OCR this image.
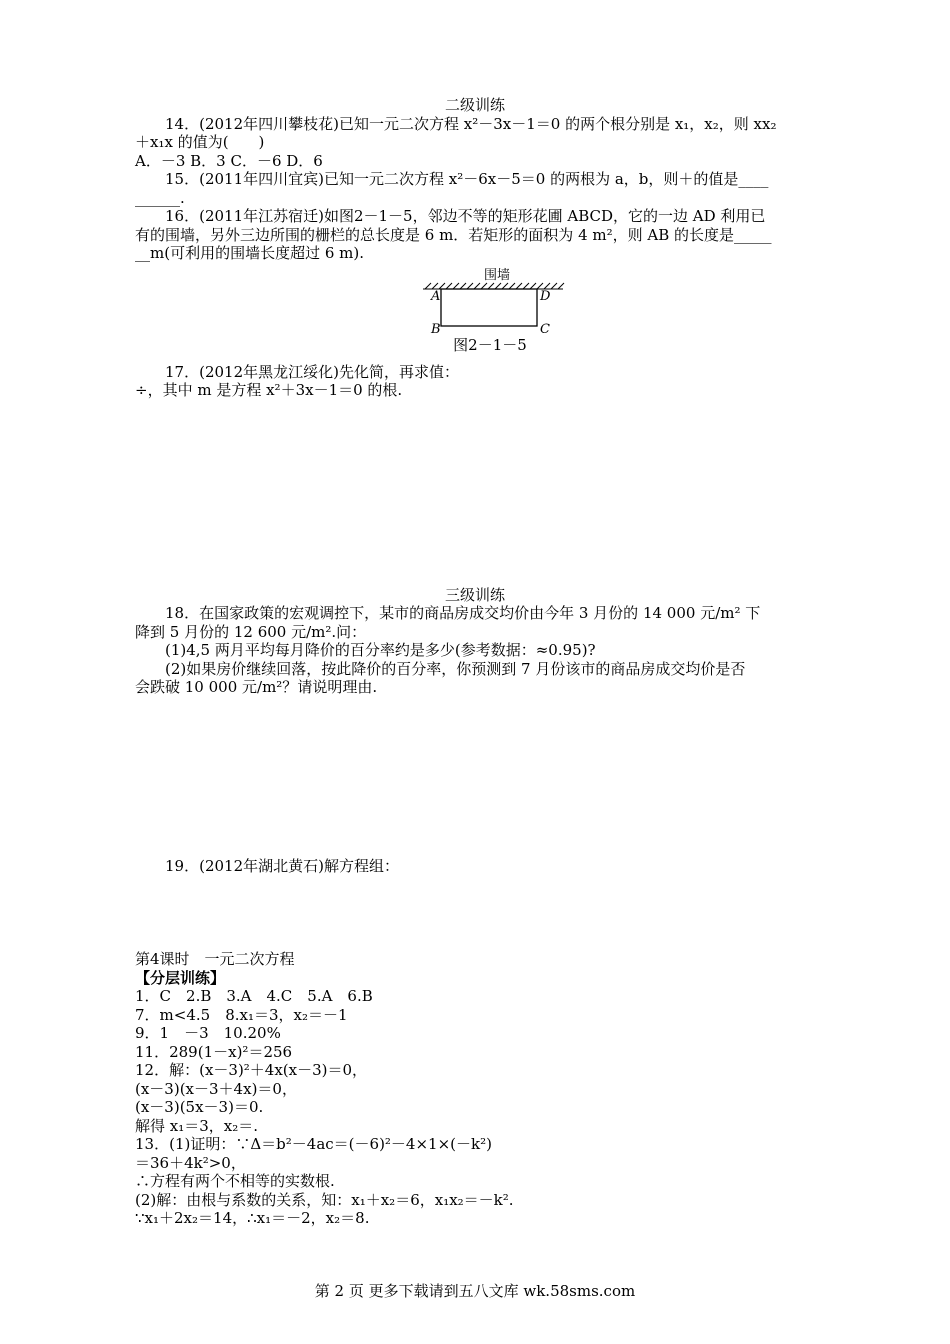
二级训练

14．(2012年四川攀枝花)已知一元二次方程 x²－3x－1＝0 的两个根分别是 x₁，x₂，则 xx₂

＋x₁x 的值为(　　)

A．－3 B．3 C．－6 D．6

15．(2011年四川宜宾)已知一元二次方程 x²－6x－5＝0 的两根为 a，b，则＋的值是____

______.

16．(2011年江苏宿迁)如图2－1－5，邻边不等的矩形花圃 ABCD，它的一边 AD 利用已

有的围墙，另外三边所围的栅栏的总长度是 6 m．若矩形的面积为 4 m²，则 AB 的长度是_____

__m(可利用的围墙长度超过 6 m).

围墙
A	D
B	C
图2－1－5

17．(2012年黑龙江绥化)先化简，再求值：

÷，其中 m 是方程 x²＋3x－1＝0 的根.

三级训练

18．在国家政策的宏观调控下，某市的商品房成交均价由今年 3 月份的 14 000 元/m² 下

降到 5 月份的 12 600 元/m².问：

(1)4,5 两月平均每月降价的百分率约是多少(参考数据：≈0.95)?

(2)如果房价继续回落，按此降价的百分率，你预测到 7 月份该市的商品房成交均价是否

会跌破 10 000 元/m²？请说明理由.

19．(2012年湖北黄石)解方程组：

第4课时　一元二次方程

【分层训练】

1．C　2.B　3.A　4.C　5.A　6.B

7．m<4.5　8.x₁＝3，x₂＝－1

9．1　－3　10.20%

11．289(1－x)²＝256

12．解：(x－3)²＋4x(x－3)＝0，

(x－3)(x－3＋4x)＝0，

(x－3)(5x－3)＝0.

解得 x₁＝3，x₂＝.

13．(1)证明：∵Δ＝b²－4ac＝(－6)²－4×1×(－k²)

＝36＋4k²>0，

∴方程有两个不相等的实数根.

(2)解：由根与系数的关系，知：x₁＋x₂＝6，x₁x₂＝－k².

∵x₁＋2x₂＝14，∴x₁＝－2，x₂＝8.

第 2 页 更多下载请到五八文库 wk.58sms.com
